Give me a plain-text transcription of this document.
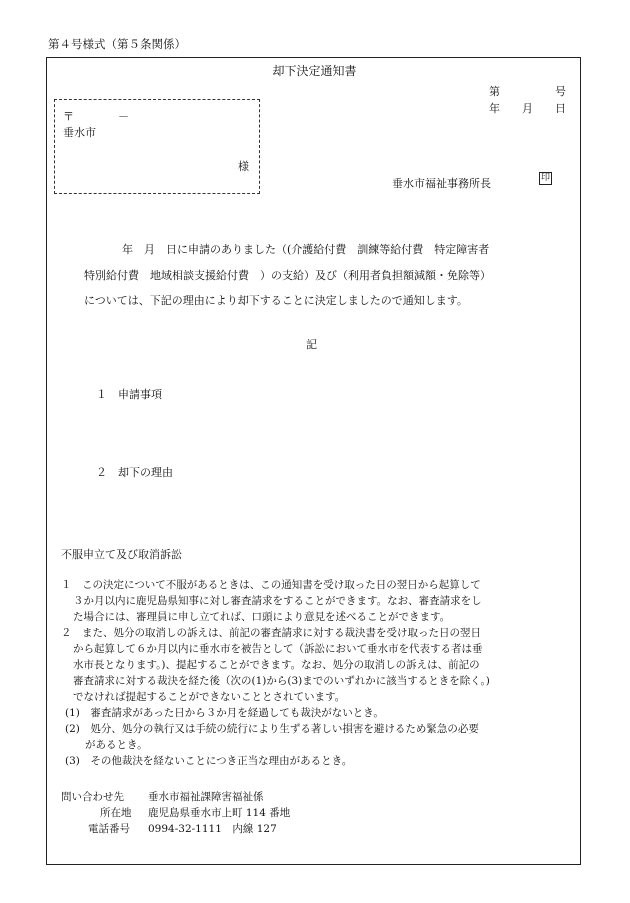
第４号様式（第５条関係）
却下決定通知書
第　　　　　号
年　　月　　日
〒　　　　－
垂水市
様
垂水市福祉事務所長	印
年　月　日に申請のありました（(介護給付費　訓練等給付費　特定障害者
特別給付費　地域相談支援給付費　）の支給）及び（利用者負担額減額・免除等）
については、下記の理由により却下することに決定しましたので通知します。
記
１　申請事項
２　却下の理由
不服申立て及び取消訴訟
１　この決定について不服があるときは、この通知書を受け取った日の翌日から起算して
３か月以内に鹿児島県知事に対し審査請求をすることができます。なお、審査請求をし
た場合には、審理員に申し立てれば、口頭により意見を述べることができます。
２　また、処分の取消しの訴えは、前記の審査請求に対する裁決書を受け取った日の翌日
から起算して６か月以内に垂水市を被告として（訴訟において垂水市を代表する者は垂
水市長となります。)、提起することができます。なお、処分の取消しの訴えは、前記の
審査請求に対する裁決を経た後（次の(1)から(3)までのいずれかに該当するときを除く。)
でなければ提起することができないこととされています。
(1)　審査請求があった日から３か月を経過しても裁決がないとき。
(2)　処分、処分の執行又は手続の続行により生ずる著しい損害を避けるため緊急の必要
があるとき。
(3)　その他裁決を経ないことにつき正当な理由があるとき。
問い合わせ先 垂水市福祉課障害福祉係
所在地 鹿児島県垂水市上町 114 番地
電話番号 0994-32-1111　内線 127
